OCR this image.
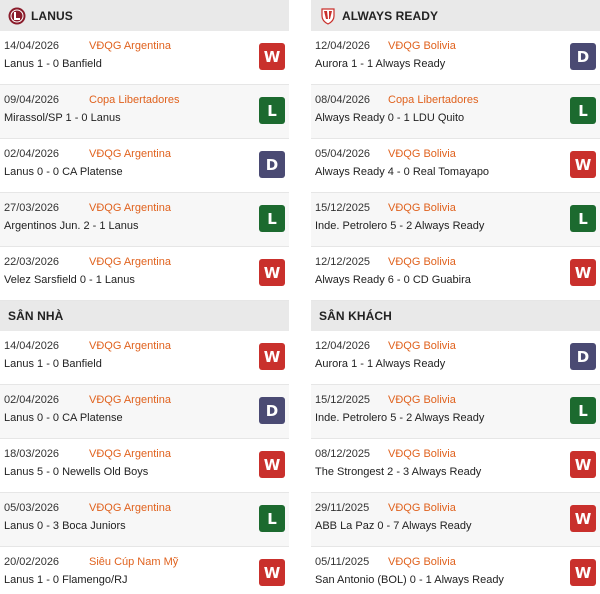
LANUS
14/04/2026	VĐQG Argentina
Lanus 1 - 0 Banfield	W
09/04/2026	Copa Libertadores
Mirassol/SP 1 - 0 Lanus	L
02/04/2026	VĐQG Argentina
Lanus 0 - 0 CA Platense	D
27/03/2026	VĐQG Argentina
Argentinos Jun. 2 - 1 Lanus	L
22/03/2026	VĐQG Argentina
Velez Sarsfield 0 - 1 Lanus	W
SÂN NHÀ
14/04/2026	VĐQG Argentina
Lanus 1 - 0 Banfield	W
02/04/2026	VĐQG Argentina
Lanus 0 - 0 CA Platense	D
18/03/2026	VĐQG Argentina
Lanus 5 - 0 Newells Old Boys	W
05/03/2026	VĐQG Argentina
Lanus 0 - 3 Boca Juniors	L
20/02/2026	Siêu Cúp Nam Mỹ
Lanus 1 - 0 Flamengo/RJ	W
ALWAYS READY
12/04/2026 VĐQG Bolivia
Aurora 1 - 1 Always Ready	D
08/04/2026 Copa Libertadores
Always Ready 0 - 1 LDU Quito	L
05/04/2026 VĐQG Bolivia
Always Ready 4 - 0 Real Tomayapo	W
15/12/2025 VĐQG Bolivia
Inde. Petrolero 5 - 2 Always Ready	L
12/12/2025 VĐQG Bolivia
Always Ready 6 - 0 CD Guabira	W
SÂN KHÁCH
12/04/2026 VĐQG Bolivia
Aurora 1 - 1 Always Ready	D
15/12/2025 VĐQG Bolivia
Inde. Petrolero 5 - 2 Always Ready	L
08/12/2025 VĐQG Bolivia
The Strongest 2 - 3 Always Ready	W
29/11/2025 VĐQG Bolivia
ABB La Paz 0 - 7 Always Ready	W
05/11/2025 VĐQG Bolivia
San Antonio (BOL) 0 - 1 Always Ready	W
